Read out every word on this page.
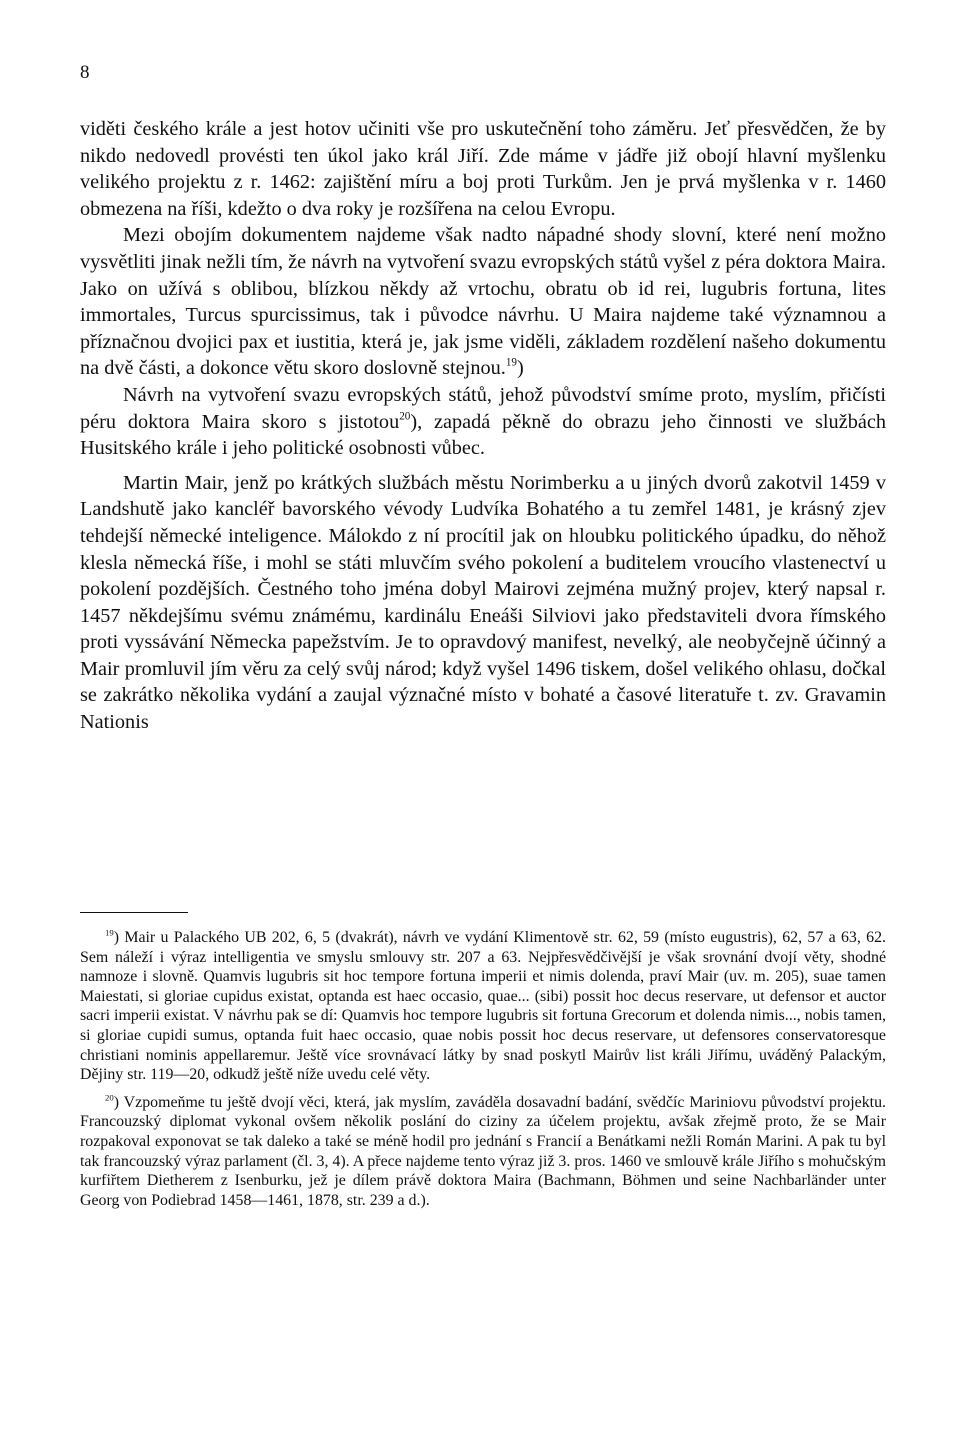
8

viděti českého krále a jest hotov učiniti vše pro uskutečnění toho záměru. Jeť přesvědčen, že by nikdo nedovedl provésti ten úkol jako král Jiří. Zde máme v jádře již obojí hlavní myšlenku velikého projektu z r. 1462: zajištění míru a boj proti Turkům. Jen je prvá myšlenka v r. 1460 obmezena na říši, kdežto o dva roky je rozšířena na celou Evropu.

Mezi obojím dokumentem najdeme však nadto nápadné shody slovní, které není možno vysvětliti jinak nežli tím, že návrh na vytvoření svazu evropských států vyšel z péra doktora Maira. Jako on užívá s oblibou, blízkou někdy až vrtochu, obratu ob id rei, lugubris fortuna, lites immortales, Turcus spurcissimus, tak i původce návrhu. U Maira najdeme také významnou a příznačnou dvojici pax et iustitia, která je, jak jsme viděli, základem rozdělení našeho dokumentu na dvě části, a dokonce větu skoro doslovně stejnou.$^{19}$)

Návrh na vytvoření svazu evropských států, jehož původství smíme proto, myslím, přičísti péru doktora Maira skoro s jistotou$^{20}$), zapadá pěkně do obrazu jeho činnosti ve službách Husitského krále i jeho politické osobnosti vůbec.

Martin Mair, jenž po krátkých službách městu Norimberku a u jiných dvorů zakotvil 1459 v Landshutě jako kancléř bavorského vévody Ludvíka Bohatého a tu zemřel 1481, je krásný zjev tehdejší německé inteligence. Málokdo z ní procítil jak on hloubku politického úpadku, do něhož klesla německá říše, i mohl se státi mluvčím svého pokolení a buditelem vroucího vlastenectví u pokolení pozdějších. Čestného toho jména dobyl Mairovi zejména mužný projev, který napsal r. 1457 někdejšímu svému známému, kardinálu Eneáši Silviovi jako představiteli dvora římského proti vyssávání Německa papežstvím. Je to opravdový manifest, nevelký, ale neobyčejně účinný a Mair promluvil jím věru za celý svůj národ; když vyšel 1496 tiskem, došel velikého ohlasu, dočkal se zakrátko několika vydání a zaujal význačné místo v bohaté a časové literatuře t. zv. Gravamin Nationis

$^{19}$) Mair u Palackého UB 202, 6, 5 (dvakrát), návrh ve vydání Klimentově str. 62, 59 (místo eugustris), 62, 57 a 63, 62. Sem náleží i výraz intelligentia ve smyslu smlouvy str. 207 a 63. Nejpřesvědčivější je však srovnání dvojí věty, shodné namnoze i slovně. Quamvis lugubris sit hoc tempore fortuna imperii et nimis dolenda, praví Mair (uv. m. 205), suae tamen Maiestati, si gloriae cupidus existat, optanda est haec occasio, quae... (sibi) possit hoc decus reservare, ut defensor et auctor sacri imperii existat. V návrhu pak se dí: Quamvis hoc tempore lugubris sit fortuna Grecorum et dolenda nimis..., nobis tamen, si gloriae cupidi sumus, optanda fuit haec occasio, quae nobis possit hoc decus reservare, ut defensores conservatoresque christiani nominis appellaremur. Ještě více srovnávací látky by snad poskytl Mairův list králi Jiřímu, uváděný Palackým, Dějiny str. 119—20, odkudž ještě níže uvedu celé věty.

$^{20}$) Vzpomeňme tu ještě dvojí věci, která, jak myslím, zaváděla dosavadní badání, svědčíc Mariniovu původství projektu. Francouzský diplomat vykonal ovšem několik poslání do ciziny za účelem projektu, avšak zřejmě proto, že se Mair rozpakoval exponovat se tak daleko a také se méně hodil pro jednání s Francií a Benátkami nežli Román Marini. A pak tu byl tak francouzský výraz parlament (čl. 3, 4). A přece najdeme tento výraz již 3. pros. 1460 ve smlouvě krále Jiřího s mohučským kurfiřtem Dietherem z Isenburku, jež je dílem právě doktora Maira (Bachmann, Böhmen und seine Nachbarländer unter Georg von Podiebrad 1458—1461, 1878, str. 239 a d.).
